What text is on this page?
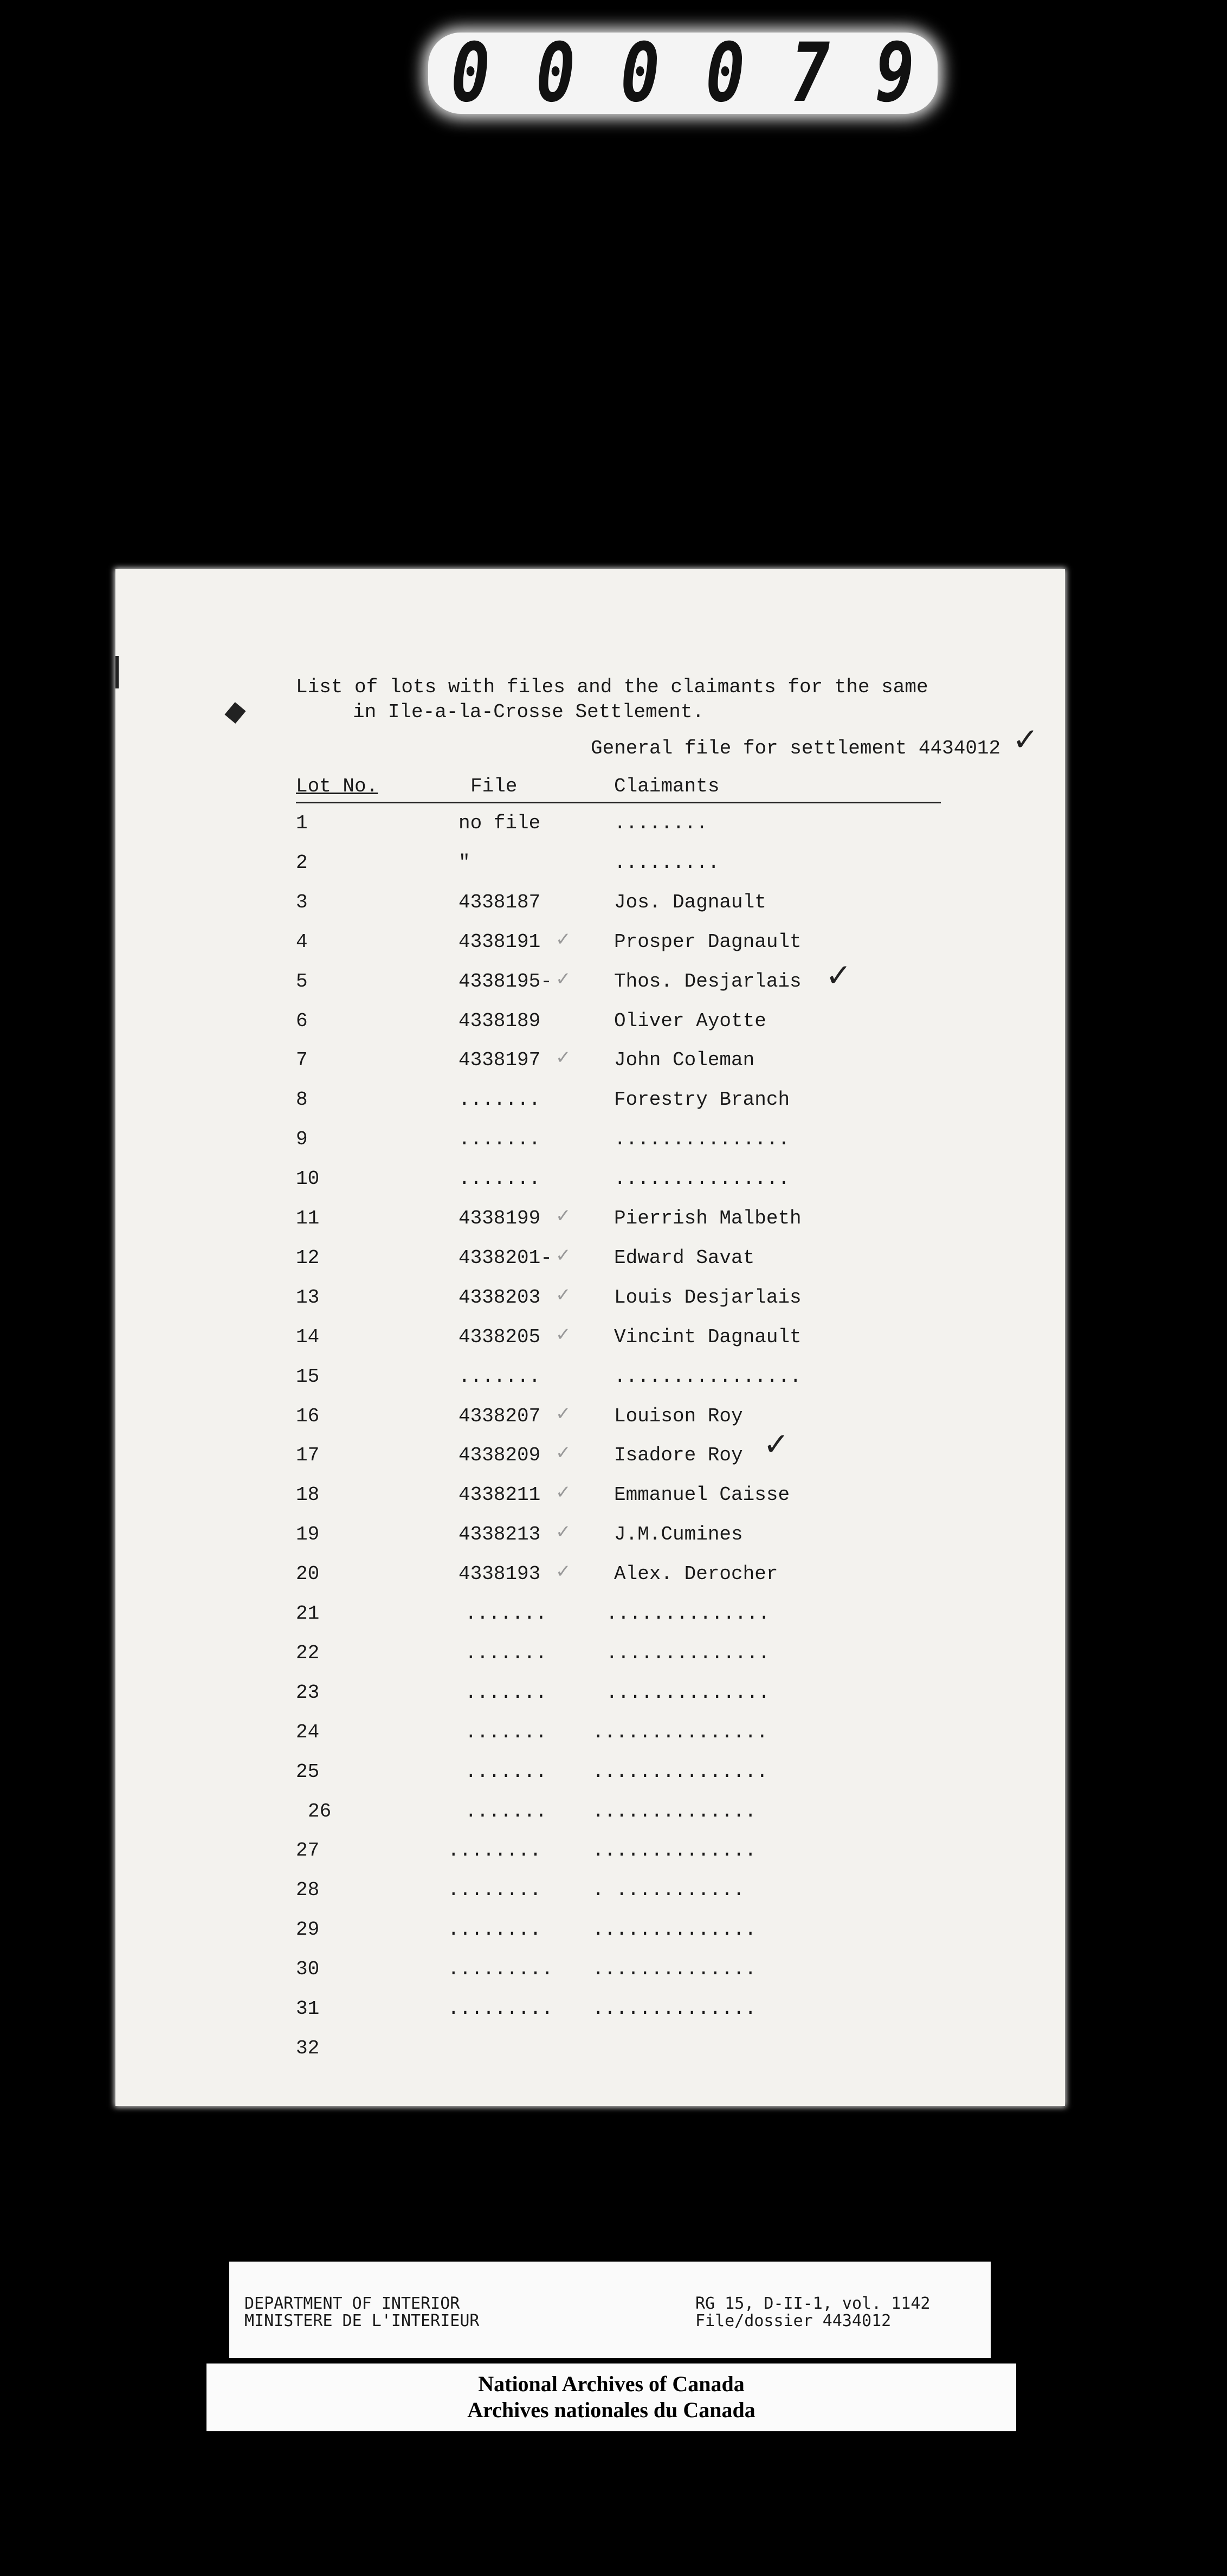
0 0 0 0 7 9
List of lots with files and the claimants for the same
in Ile-a-la-Crosse Settlement.
General file for settlement 4434012 ✓
Lot No.	File	Claimants
1	no file	........
2	"	.........
3	4338187	Jos. Dagnault
4	4338191	Prosper Dagnault
✓
5	4338195-	Thos. Desjarlais
✓
6	4338189	Oliver Ayotte
7	4338197	John Coleman
✓
8	.......	Forestry Branch
9	.......	...............
10	.......	...............
11	4338199	Pierrish Malbeth
✓
12	4338201-	Edward Savat
✓
13	4338203	Louis Desjarlais
✓
14	4338205	Vincint Dagnault
✓
15	.......	................
16	4338207	Louison Roy
✓
17	4338209	Isadore Roy
✓
18	4338211	Emmanuel Caisse
✓
19	4338213	J.M.Cumines
✓
20	4338193	Alex. Derocher
✓
21	.......	..............
22	.......	..............
23	.......	..............
24	....... ...............
25	....... ...............
26	....... ..............
27	........	..............
28	........	. ...........
29	........	..............
30	......... ..............
31	......... ..............
32
✓
✓
DEPARTMENT OF INTERIOR
MINISTERE DE L'INTERIEUR
RG 15, D-II-1, vol. 1142
File/dossier 4434012
National Archives of Canada
Archives nationales du Canada
